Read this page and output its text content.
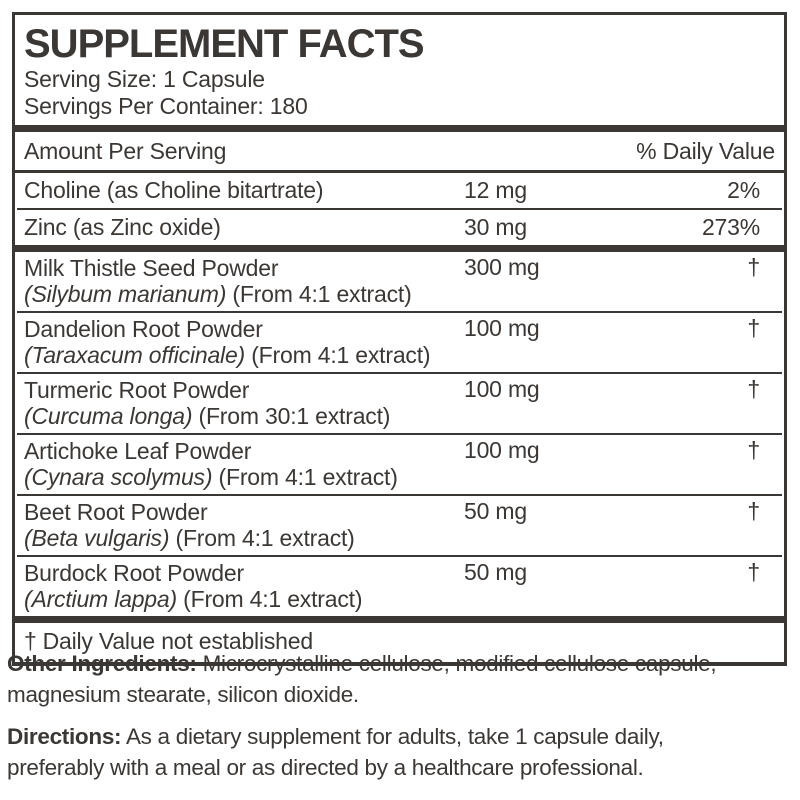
SUPPLEMENT FACTS
Serving Size: 1 Capsule
Servings Per Container: 180
Amount Per Serving	% Daily Value
Choline (as Choline bitartrate)	12 mg	2%
Zinc (as Zinc oxide)	30 mg	273%
Milk Thistle Seed Powder
(Silybum marianum) (From 4:1 extract)
300 mg	†
Dandelion Root Powder
(Taraxacum officinale) (From 4:1 extract)
100 mg	†
Turmeric Root Powder
(Curcuma longa) (From 30:1 extract)
100 mg	†
Artichoke Leaf Powder
(Cynara scolymus) (From 4:1 extract)
100 mg	†
Beet Root Powder
(Beta vulgaris) (From 4:1 extract)
50 mg	†
Burdock Root Powder
(Arctium lappa) (From 4:1 extract)
50 mg	†
† Daily Value not established

Other Ingredients: Microcrystalline cellulose, modified cellulose capsule,
magnesium stearate, silicon dioxide.

Directions: As a dietary supplement for adults, take 1 capsule daily,
preferably with a meal or as directed by a healthcare professional.
